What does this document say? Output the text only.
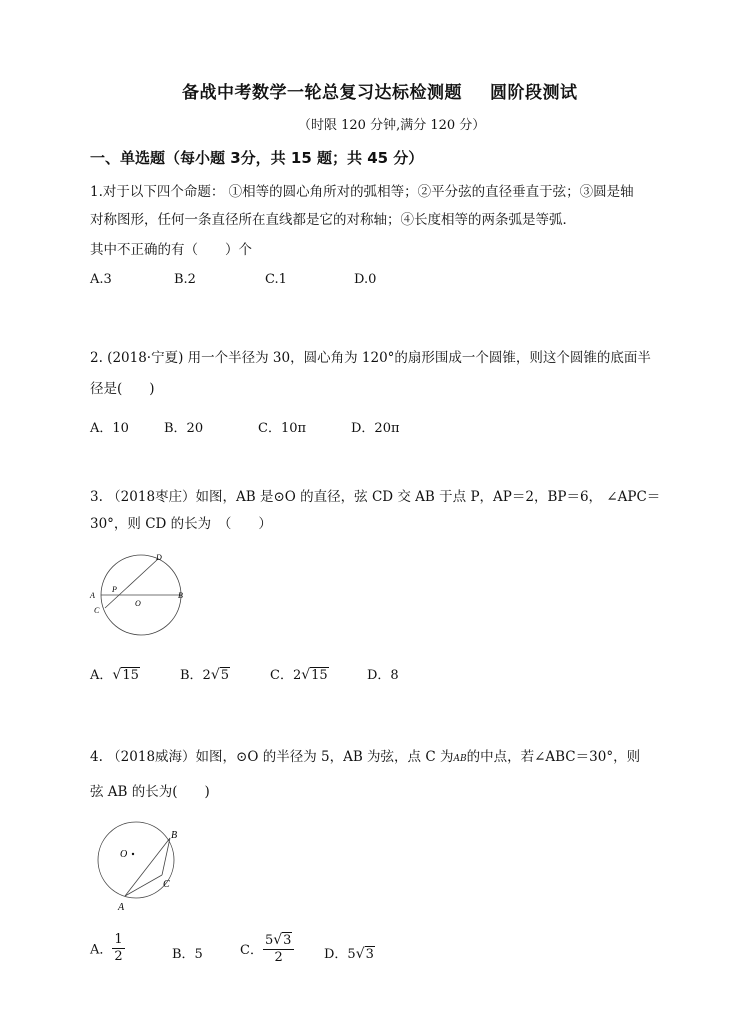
备战中考数学一轮总复习达标检测题 圆阶段测试
（时限 120 分钟,满分 120 分）
一、单选题（每小题 3分，共 15 题；共 45 分）
1.对于以下四个命题： ①相等的圆心角所对的弧相等；②平分弦的直径垂直于弦；③圆是轴
对称图形，任何一条直径所在直线都是它的对称轴；④长度相等的两条弧是等弧．
其中不正确的有（　　）个
A.3	B.2	C.1	D.0
2. (2018·宁夏) 用一个半径为 30，圆心角为 120°的扇形围成一个圆锥，则这个圆锥的底面半
径是(　　)
A．10	B．20	C．10π	D．20π
3. （2018枣庄）如图，AB 是⊙O 的直径，弦 CD 交 AB 于点 P，AP＝2，BP＝6， ∠APC＝
30°，则 CD 的长为　（　　）
A	B
C
D
P
O
A．√15	B．2√5	C．2√15	D．8
4. （2018威海）如图，⊙O 的半径为 5，AB 为弦，点 C 为AB的中点，若∠ABC＝30°，则
弦 AB 的长为(　　)
O
B
C
A
A． $\frac{1}{2}$	B．5	C． $\frac{5√3}{2}$ D．5√3
